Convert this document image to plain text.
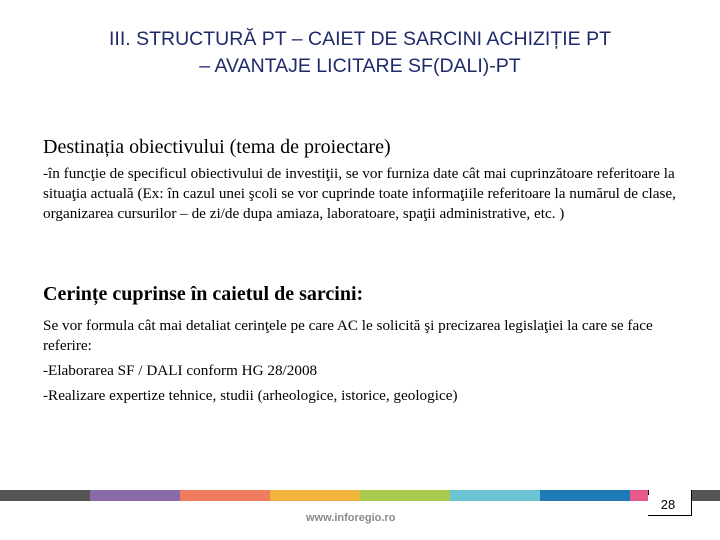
III. STRUCTURĂ PT – CAIET DE SARCINI ACHIZIȚIE PT
– AVANTAJE LICITARE SF(DALI)-PT
Destinația obiectivului (tema de proiectare)
-în funcţie de specificul obiectivului de investiţii, se vor furniza date cât mai cuprinzătoare referitoare la situaţia actuală (Ex: în cazul unei şcoli se vor cuprinde toate informaţiile referitoare la numărul de clase, organizarea cursurilor – de zi/de dupa amiaza, laboratoare, spaţii administrative, etc. )
Cerințe cuprinse în caietul de sarcini:
Se vor formula cât mai detaliat cerinţele pe care AC le solicită şi precizarea legislaţiei la care se face referire:
-Elaborarea SF / DALI conform HG 28/2008
-Realizare expertize tehnice, studii (arheologice, istorice, geologice)
28
www.inforegio.ro
